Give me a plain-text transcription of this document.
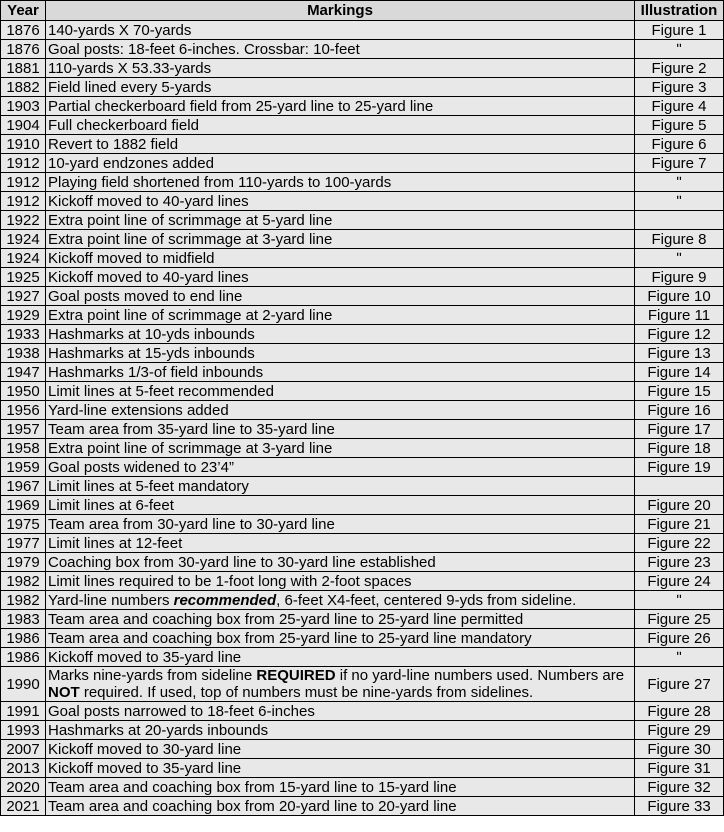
Year	Markings	Illustration
1876	140-yards X 70-yards	Figure 1
1876	Goal posts: 18-feet 6-inches. Crossbar: 10-feet	ʺ
1881	110-yards X 53.33-yards	Figure 2
1882	Field lined every 5-yards	Figure 3
1903	Partial checkerboard field from 25-yard line to 25-yard line	Figure 4
1904	Full checkerboard field	Figure 5
1910	Revert to 1882 field	Figure 6
1912	10-yard endzones added	Figure 7
1912	Playing field shortened from 110-yards to 100-yards	ʺ
1912	Kickoff moved to 40-yard lines	ʺ
1922	Extra point line of scrimmage at 5-yard line	
1924	Extra point line of scrimmage at 3-yard line	Figure 8
1924	Kickoff moved to midfield	ʺ
1925	Kickoff moved to 40-yard lines	Figure 9
1927	Goal posts moved to end line	Figure 10
1929	Extra point line of scrimmage at 2-yard line	Figure 11
1933	Hashmarks at 10-yds inbounds	Figure 12
1938	Hashmarks at 15-yds inbounds	Figure 13
1947	Hashmarks 1/3-of field inbounds	Figure 14
1950	Limit lines at 5-feet recommended	Figure 15
1956	Yard-line extensions added	Figure 16
1957	Team area from 35-yard line to 35-yard line	Figure 17
1958	Extra point line of scrimmage at 3-yard line	Figure 18
1959	Goal posts widened to 23’4”	Figure 19
1967	Limit lines at 5-feet mandatory	
1969	Limit lines at 6-feet	Figure 20
1975	Team area from 30-yard line to 30-yard line	Figure 21
1977	Limit lines at 12-feet	Figure 22
1979	Coaching box from 30-yard line to 30-yard line established	Figure 23
1982	Limit lines required to be 1-foot long with 2-foot spaces	Figure 24
1982	Yard-line numbers recommended, 6-feet X4-feet, centered 9-yds from sideline.	ʺ
1983	Team area and coaching box from 25-yard line to 25-yard line permitted	Figure 25
1986	Team area and coaching box from 25-yard line to 25-yard line mandatory	Figure 26
1986	Kickoff moved to 35-yard line	ʺ
1990	Marks nine-yards from sideline REQUIRED if no yard-line numbers used. Numbers are NOT required. If used, top of numbers must be nine-yards from sidelines.	Figure 27
1991	Goal posts narrowed to 18-feet 6-inches	Figure 28
1993	Hashmarks at 20-yards inbounds	Figure 29
2007	Kickoff moved to 30-yard line	Figure 30
2013	Kickoff moved to 35-yard line	Figure 31
2020	Team area and coaching box from 15-yard line to 15-yard line	Figure 32
2021	Team area and coaching box from 20-yard line to 20-yard line	Figure 33
